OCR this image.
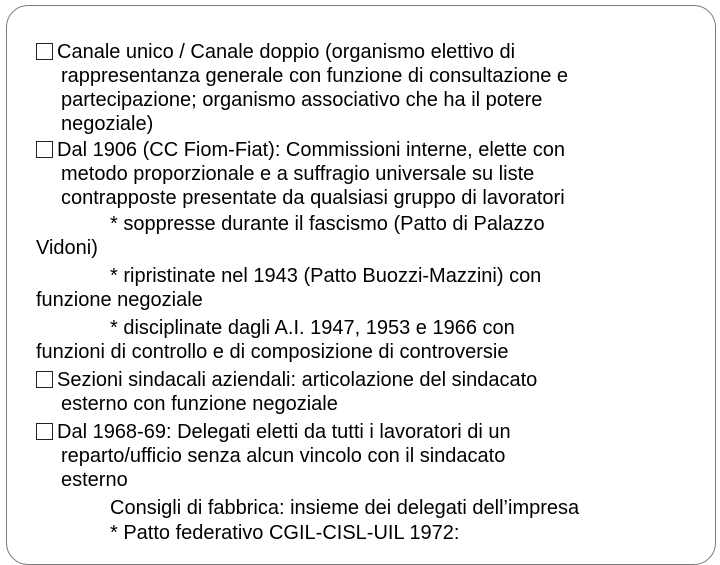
Canale unico / Canale doppio (organismo elettivo di
rappresentanza generale con funzione di consultazione e
partecipazione; organismo associativo che ha il potere
negoziale)
Dal 1906 (CC Fiom-Fiat): Commissioni interne, elette con
metodo proporzionale e a suffragio universale su liste
contrapposte presentate da qualsiasi gruppo di lavoratori
* soppresse durante il fascismo (Patto di Palazzo
Vidoni)
* ripristinate nel 1943 (Patto Buozzi-Mazzini) con
funzione negoziale
* disciplinate dagli A.I. 1947, 1953 e 1966 con
funzioni di controllo e di composizione di controversie
Sezioni sindacali aziendali: articolazione del sindacato
esterno con funzione negoziale
Dal 1968-69: Delegati eletti da tutti i lavoratori di un
reparto/ufficio senza alcun vincolo con il sindacato
esterno
Consigli di fabbrica: insieme dei delegati dell’impresa
* Patto federativo CGIL-CISL-UIL 1972:
